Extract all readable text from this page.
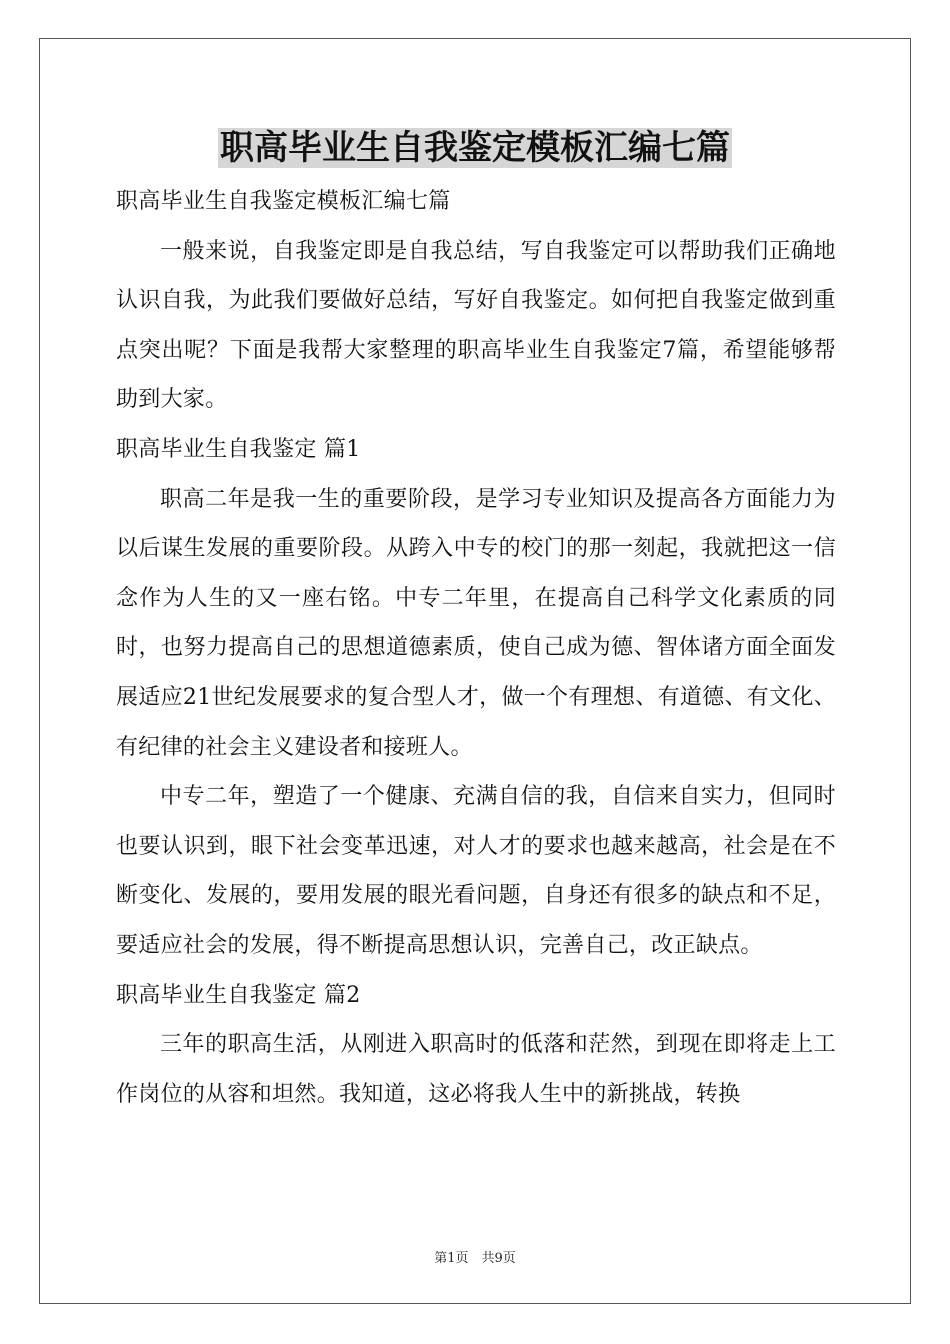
职高毕业生自我鉴定模板汇编七篇

职高毕业生自我鉴定模板汇编七篇

一般来说，自我鉴定即是自我总结，写自我鉴定可以帮助我们正确地认识自我，为此我们要做好总结，写好自我鉴定。如何把自我鉴定做到重点突出呢？下面是我帮大家整理的职高毕业生自我鉴定7篇，希望能够帮助到大家。

职高毕业生自我鉴定 篇1

职高二年是我一生的重要阶段，是学习专业知识及提高各方面能力为以后谋生发展的重要阶段。从跨入中专的校门的那一刻起，我就把这一信念作为人生的又一座右铭。中专二年里，在提高自己科学文化素质的同时，也努力提高自己的思想道德素质，使自己成为德、智体诸方面全面发展适应21世纪发展要求的复合型人才，做一个有理想、有道德、有文化、有纪律的社会主义建设者和接班人。

中专二年，塑造了一个健康、充满自信的我，自信来自实力，但同时也要认识到，眼下社会变革迅速，对人才的要求也越来越高，社会是在不断变化、发展的，要用发展的眼光看问题，自身还有很多的缺点和不足，要适应社会的发展，得不断提高思想认识，完善自己，改正缺点。

职高毕业生自我鉴定 篇2

三年的职高生活，从刚进入职高时的低落和茫然，到现在即将走上工作岗位的从容和坦然。我知道，这必将我人生中的新挑战，转换

第1页　共9页
